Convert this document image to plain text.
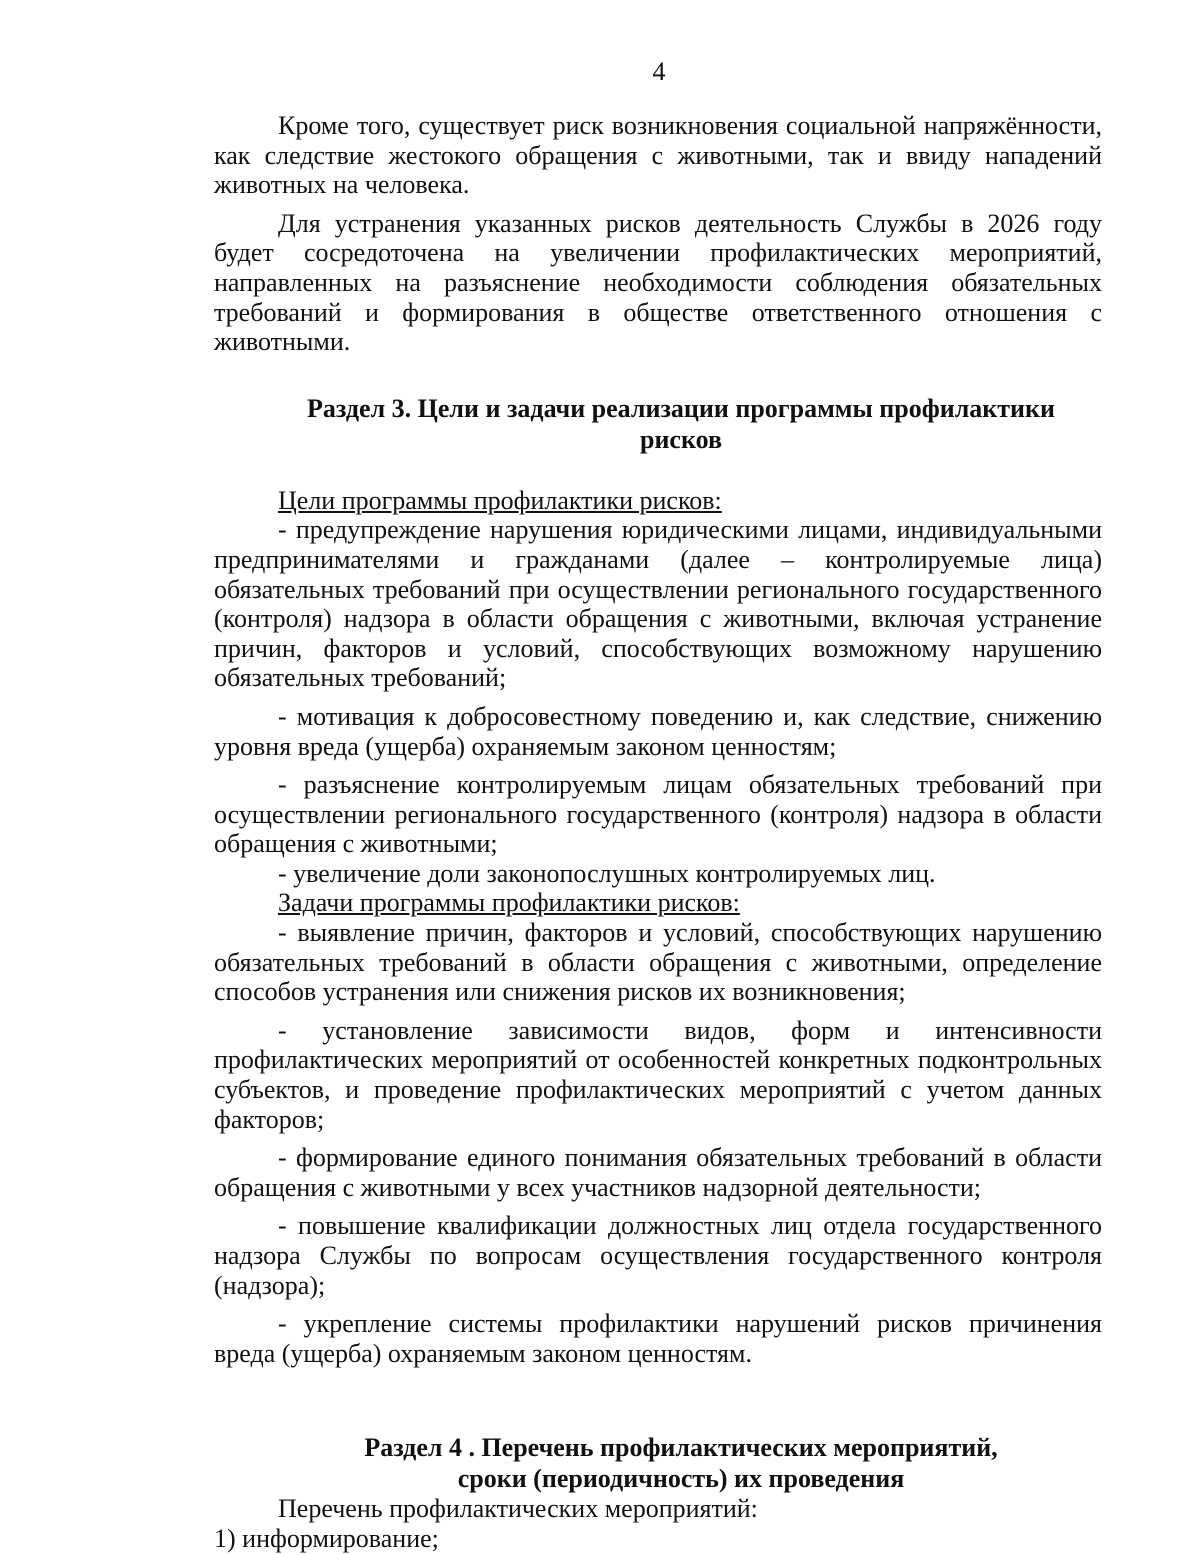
4

Кроме того, существует риск возникновения социальной напряжённости, как следствие жестокого обращения с животными, так и ввиду нападений животных на человека.

Для устранения указанных рисков деятельность Службы в 2026 году будет сосредоточена на увеличении профилактических мероприятий, направленных на разъяснение необходимости соблюдения обязательных требований и формирования в обществе ответственного отношения с животными.

Раздел 3. Цели и задачи реализации программы профилактики
рисков

Цели программы профилактики рисков:

- предупреждение нарушения юридическими лицами, индивидуальными предпринимателями и гражданами (далее – контролируемые лица) обязательных требований при осуществлении регионального государственного (контроля) надзора в области обращения с животными, включая устранение причин, факторов и условий, способствующих возможному нарушению обязательных требований;

- мотивация к добросовестному поведению и, как следствие, снижению уровня вреда (ущерба) охраняемым законом ценностям;

- разъяснение контролируемым лицам обязательных требований при осуществлении регионального государственного (контроля) надзора в области обращения с животными;

- увеличение доли законопослушных контролируемых лиц.

Задачи программы профилактики рисков:

- выявление причин, факторов и условий, способствующих нарушению обязательных требований в области обращения с животными, определение способов устранения или снижения рисков их возникновения;

- установление зависимости видов, форм и интенсивности профилактических мероприятий от особенностей конкретных подконтрольных субъектов, и проведение профилактических мероприятий с учетом данных факторов;

- формирование единого понимания обязательных требований в области обращения с животными у всех участников надзорной деятельности;

- повышение квалификации должностных лиц отдела государственного надзора Службы по вопросам осуществления государственного контроля (надзора);

- укрепление системы профилактики нарушений рисков причинения вреда (ущерба) охраняемым законом ценностям.

Раздел 4 . Перечень профилактических мероприятий,
сроки (периодичность) их проведения

Перечень профилактических мероприятий:

1) информирование;
